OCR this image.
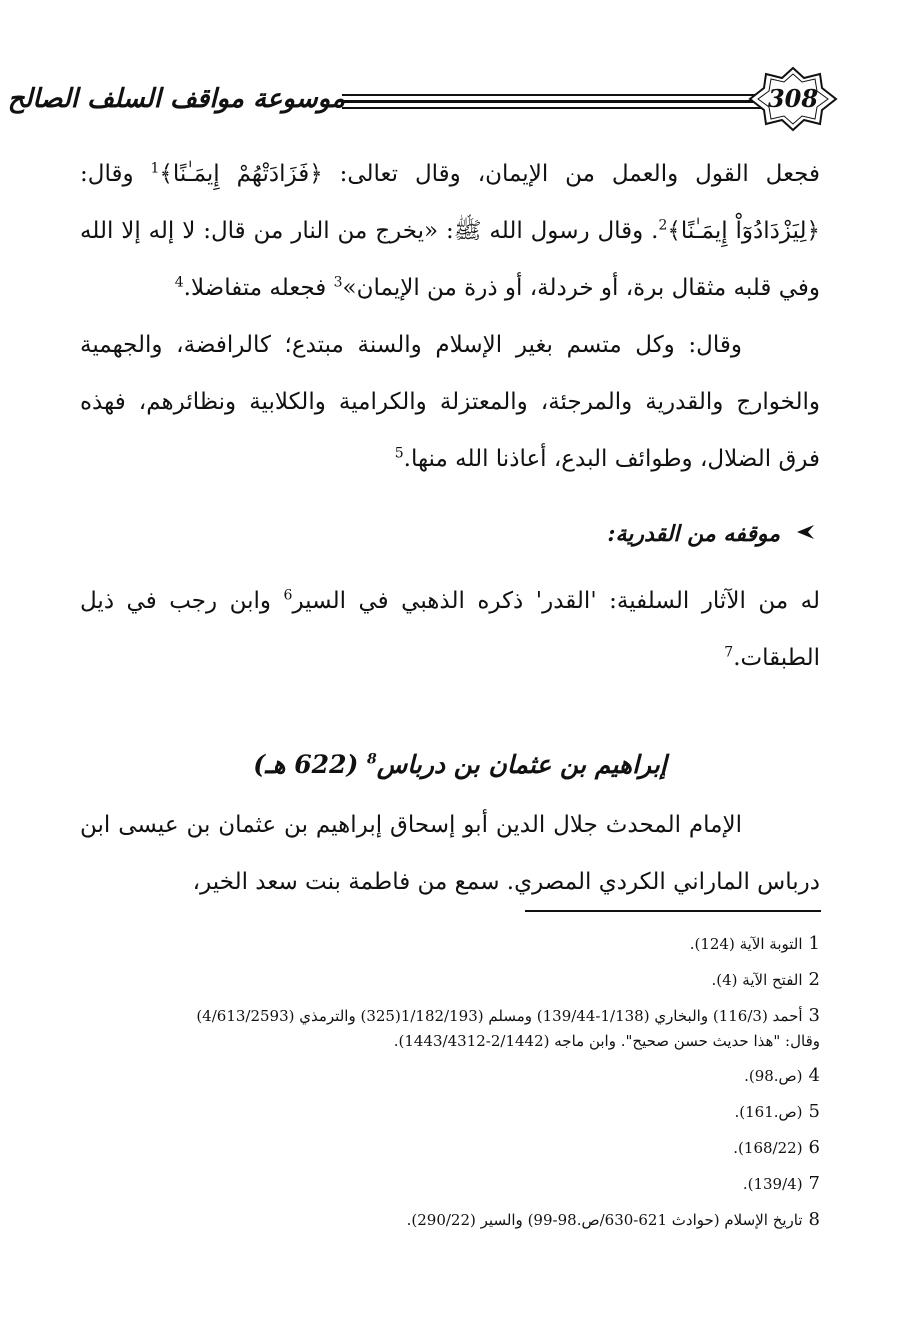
موسوعة مواقف السلف الصالح	308

فجعل القول والعمل من الإيمان، وقال تعالى: ﴿فَزَادَتْهُمْ إِيمَـٰنًا﴾$^1$ وقال: ﴿لِيَزْدَادُوٓاْ إِيمَـٰنًا﴾$^2$. وقال رسول الله ﷺ: «يخرج من النار من قال: لا إله إلا الله وفي قلبه مثقال برة، أو خردلة، أو ذرة من الإيمان»$^3$ فجعله متفاضلا.$^4$

وقال: وكل متسم بغير الإسلام والسنة مبتدع؛ كالرافضة، والجهمية والخوارج والقدرية والمرجئة، والمعتزلة والكرامية والكلابية ونظائرهم، فهذه فرق الضلال، وطوائف البدع، أعاذنا الله منها.$^5$

موقفه من القدرية:

له من الآثار السلفية: 'القدر' ذكره الذهبي في السير$^6$ وابن رجب في ذيل الطبقات.$^7$

إبراهيم بن عثمان بن درباس$^8$ (622 هـ)

الإمام المحدث جلال الدين أبو إسحاق إبراهيم بن عثمان بن عيسى ابن درباس الماراني الكردي المصري. سمع من فاطمة بنت سعد الخير،

1التوبة الآية (124).

2الفتح الآية (4).

3أحمد (116/3) والبخاري (1/138-139/44) ومسلم (1/182/193(325) والترمذي (4/613/2593)

وقال: "هذا حديث حسن صحيح". وابن ماجه (2/1442-1443/4312).

4(ص.98).

5(ص.161).

6(168/22).

7(139/4).

8تاريخ الإسلام (حوادث 621-630/ص.98-99) والسير (290/22).
